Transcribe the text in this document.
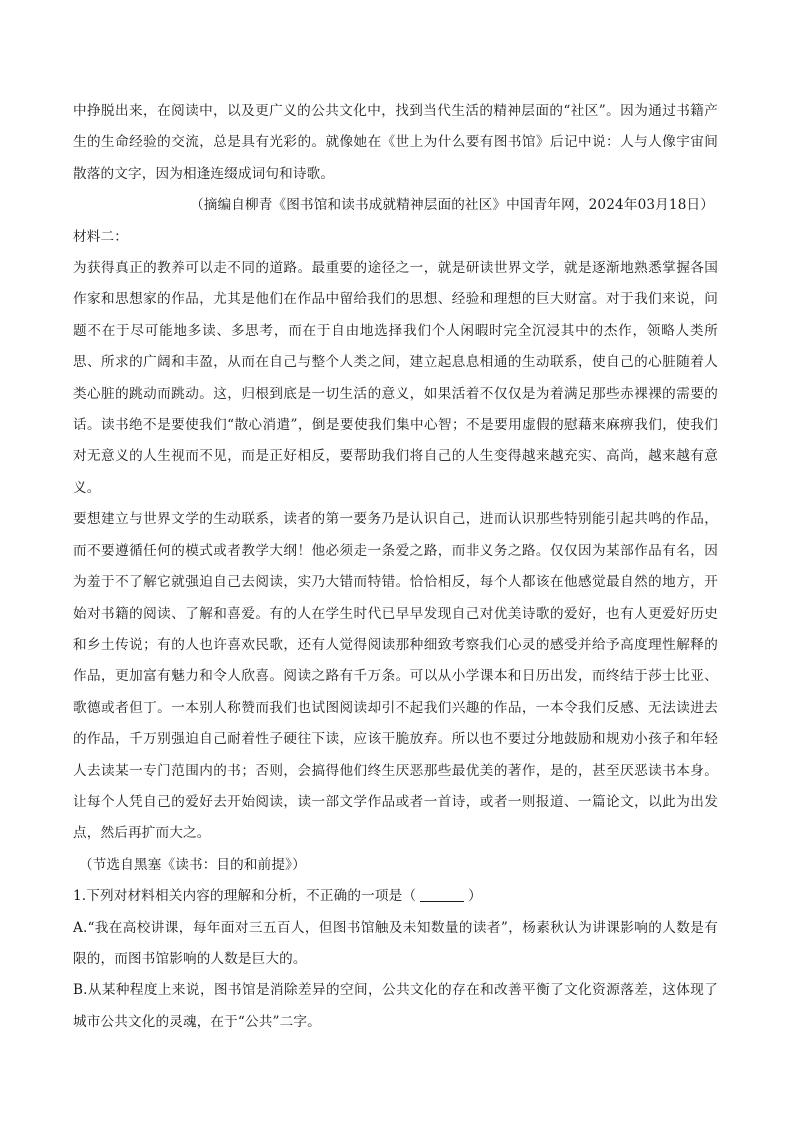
中挣脱出来，在阅读中，以及更广义的公共文化中，找到当代生活的精神层面的“社区”。因为通过书籍产生的生命经验的交流，总是具有光彩的。就像她在《世上为什么要有图书馆》后记中说：人与人像宇宙间散落的文字，因为相逢连缀成词句和诗歌。

（摘编自柳青《图书馆和读书成就精神层面的社区》中国青年网，2024年03月18日）

材料二：

为获得真正的教养可以走不同的道路。最重要的途径之一，就是研读世界文学，就是逐渐地熟悉掌握各国作家和思想家的作品，尤其是他们在作品中留给我们的思想、经验和理想的巨大财富。对于我们来说，问题不在于尽可能地多读、多思考，而在于自由地选择我们个人闲暇时完全沉浸其中的杰作，领略人类所思、所求的广阔和丰盈，从而在自己与整个人类之间，建立起息息相通的生动联系，使自己的心脏随着人类心脏的跳动而跳动。这，归根到底是一切生活的意义，如果活着不仅仅是为着满足那些赤裸裸的需要的话。读书绝不是要使我们“散心消遣”，倒是要使我们集中心智；不是要用虚假的慰藉来麻痹我们，使我们对无意义的人生视而不见，而是正好相反，要帮助我们将自己的人生变得越来越充实、高尚，越来越有意义。

要想建立与世界文学的生动联系，读者的第一要务乃是认识自己，进而认识那些特别能引起共鸣的作品，而不要遵循任何的模式或者教学大纲！他必须走一条爱之路，而非义务之路。仅仅因为某部作品有名，因为羞于不了解它就强迫自己去阅读，实乃大错而特错。恰恰相反，每个人都该在他感觉最自然的地方，开始对书籍的阅读、了解和喜爱。有的人在学生时代已早早发现自己对优美诗歌的爱好，也有人更爱好历史和乡土传说；有的人也许喜欢民歌，还有人觉得阅读那种细致考察我们心灵的感受并给予高度理性解释的作品，更加富有魅力和令人欣喜。阅读之路有千万条。可以从小学课本和日历出发，而终结于莎士比亚、歌德或者但丁。一本别人称赞而我们也试图阅读却引不起我们兴趣的作品，一本令我们反感、无法读进去的作品，千万别强迫自己耐着性子硬往下读，应该干脆放弃。所以也不要过分地鼓励和规劝小孩子和年轻人去读某一专门范围内的书；否则，会搞得他们终生厌恶那些最优美的著作，是的，甚至厌恶读书本身。让每个人凭自己的爱好去开始阅读，读一部文学作品或者一首诗，或者一则报道、一篇论文，以此为出发点，然后再扩而大之。

（节选自黑塞《读书：目的和前提》）

1.下列对材料相关内容的理解和分析，不正确的一项是（	）

A.“我在高校讲课，每年面对三五百人，但图书馆触及未知数量的读者”，杨素秋认为讲课影响的人数是有限的，而图书馆影响的人数是巨大的。

B.从某种程度上来说，图书馆是消除差异的空间，公共文化的存在和改善平衡了文化资源落差，这体现了城市公共文化的灵魂，在于“公共”二字。
